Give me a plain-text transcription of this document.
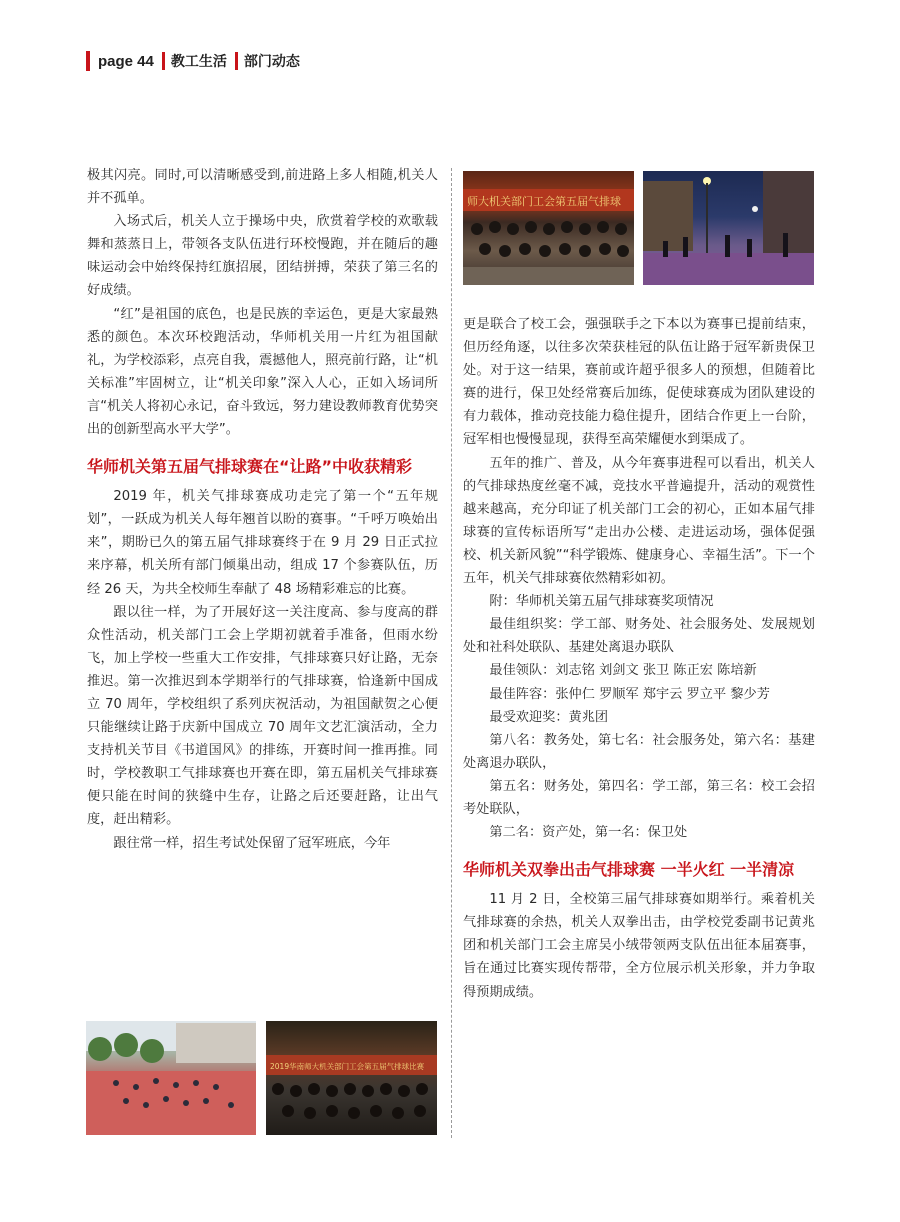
page 44 教工生活 部门动态

极其闪亮。同时,可以清晰感受到,前进路上多人相随,机关人并不孤单。

入场式后，机关人立于操场中央，欣赏着学校的欢歌载舞和蒸蒸日上，带领各支队伍进行环校慢跑，并在随后的趣味运动会中始终保持红旗招展，团结拼搏，荣获了第三名的好成绩。

“红”是祖国的底色，也是民族的幸运色，更是大家最熟悉的颜色。本次环校跑活动，华师机关用一片红为祖国献礼，为学校添彩，点亮自我，震撼他人，照亮前行路，让“机关标准”牢固树立，让“机关印象”深入人心，正如入场词所言“机关人将初心永记，奋斗致远，努力建设教师教育优势突出的创新型高水平大学”。

华师机关第五届气排球赛在“让路”中收获精彩

2019 年，机关气排球赛成功走完了第一个“五年规划”，一跃成为机关人每年翘首以盼的赛事。“千呼万唤始出来”，期盼已久的第五届气排球赛终于在 9 月 29 日正式拉来序幕，机关所有部门倾巢出动，组成 17 个参赛队伍，历经 26 天，为共全校师生奉献了 48 场精彩难忘的比赛。

跟以往一样，为了开展好这一关注度高、参与度高的群众性活动，机关部门工会上学期初就着手准备，但雨水纷飞，加上学校一些重大工作安排，气排球赛只好让路，无奈推迟。第一次推迟到本学期举行的气排球赛，恰逢新中国成立 70 周年，学校组织了系列庆祝活动，为祖国献贺之心便只能继续让路于庆新中国成立 70 周年文艺汇演活动，全力支持机关节目《书道国风》的排练，开赛时间一推再推。同时，学校教职工气排球赛也开赛在即，第五届机关气排球赛便只能在时间的狭缝中生存，让路之后还要赶路，让出气度，赶出精彩。

跟往常一样，招生考试处保留了冠军班底，今年

师大机关部门工会第五届气排球

更是联合了校工会，强强联手之下本以为赛事已提前结束，但历经角逐，以往多次荣获桂冠的队伍让路于冠军新贵保卫处。对于这一结果，赛前或许超乎很多人的预想，但随着比赛的进行，保卫处经常赛后加练，促使球赛成为团队建设的有力载体，推动竞技能力稳住提升，团结合作更上一台阶，冠军相也慢慢显现，获得至高荣耀便水到渠成了。

五年的推广、普及，从今年赛事进程可以看出，机关人的气排球热度丝毫不减，竞技水平普遍提升，活动的观赏性越来越高，充分印证了机关部门工会的初心，正如本届气排球赛的宣传标语所写“走出办公楼、走进运动场，强体促强校、机关新风貌”“科学锻炼、健康身心、幸福生活”。下一个五年，机关气排球赛依然精彩如初。

附：华师机关第五届气排球赛奖项情况

最佳组织奖：学工部、财务处、社会服务处、发展规划处和社科处联队、基建处离退办联队

最佳领队：刘志铭 刘剑文 张卫 陈正宏 陈培新

最佳阵容：张仲仁 罗顺军 郑宇云 罗立平 黎少芳

最受欢迎奖：黄兆团

第八名：教务处，第七名：社会服务处，第六名：基建处离退办联队，

第五名：财务处，第四名：学工部，第三名：校工会招考处联队，

第二名：资产处，第一名：保卫处

华师机关双拳出击气排球赛 一半火红 一半清凉

11 月 2 日，全校第三届气排球赛如期举行。乘着机关气排球赛的余热，机关人双拳出击，由学校党委副书记黄兆团和机关部门工会主席吴小绒带领两支队伍出征本届赛事，旨在通过比赛实现传帮带，全方位展示机关形象，并力争取得预期成绩。

2019华南师大机关部门工会第五届气排球比赛
